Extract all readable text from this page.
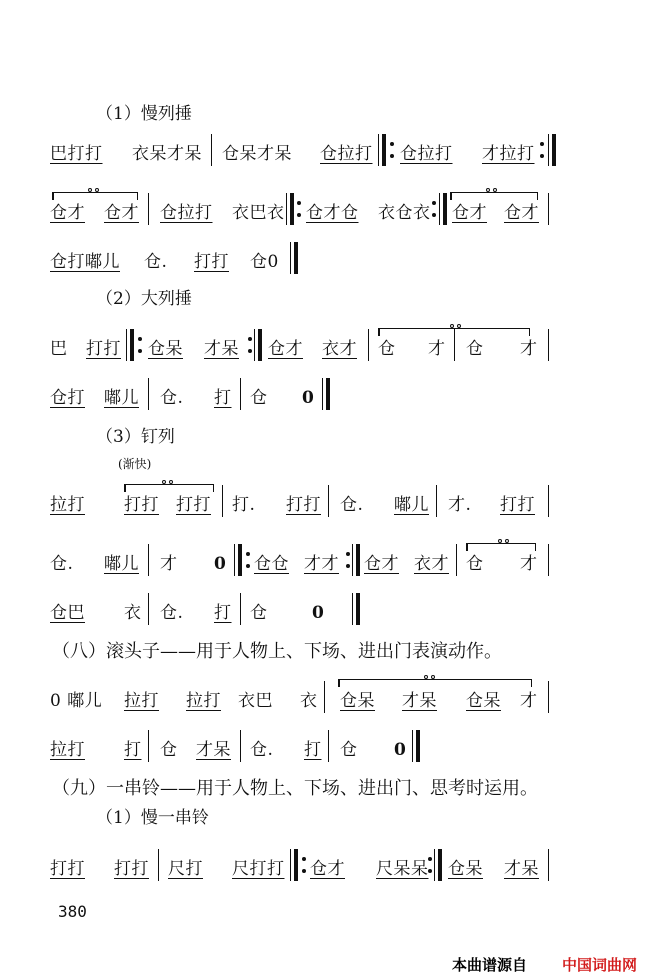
（1）慢列捶
（2）大列捶
（3）钉列
(渐快)
（八）滚头子——用于人物上、下场、进出门表演动作。
（九）一串铃——用于人物上、下场、进出门、思考时运用。
（1）慢一串铃
巴打打 衣呆才呆 仓呆才呆 仓拉打 仓拉打 才拉打
仓才 仓才 仓拉打 衣巴衣 仓才仓 衣仓衣 仓才 仓才
仓打嘟儿 仓. 打打 仓0
巴 打打 仓呆 才呆 仓才 衣才 仓 才 仓 才
仓打 嘟儿 仓. 打 仓 0
拉打 打打 打打 打. 打打 仓. 嘟儿 才. 打打
仓. 嘟儿 才 0 仓仓 才才 仓才 衣才 仓 才
仓巴 衣 仓. 打 仓	0
0 嘟儿 拉打 拉打 衣巴 衣 仓呆 才呆 仓呆 才
拉打 打 仓 才呆 仓. 打 仓 0
打打 打打 尺打 尺打打 仓才 尺呆呆 仓呆 才呆
380
本曲谱源自 中国词曲网
